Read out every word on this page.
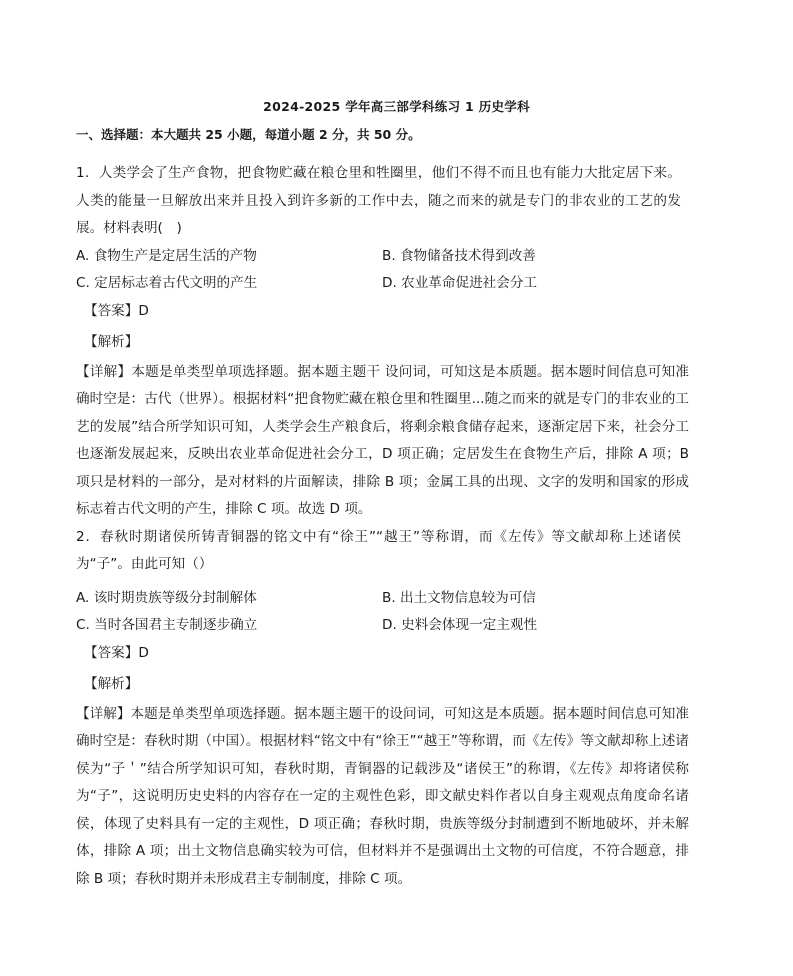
2024-2025 学年高三部学科练习 1 历史学科
一、选择题：本大题共 25 小题，每道小题 2 分，共 50 分。
1．人类学会了生产食物，把食物贮藏在粮仓里和牲圈里，他们不得不而且也有能力大批定居下来。人类的能量一旦解放出来并且投入到许多新的工作中去，随之而来的就是专门的非农业的工艺的发展。材料表明(　)
A. 食物生产是定居生活的产物	B. 食物储备技术得到改善
C. 定居标志着古代文明的产生	D. 农业革命促进社会分工
【答案】D
【解析】
【详解】本题是单类型单项选择题。据本题主题干 设问词，可知这是本质题。据本题时间信息可知准确时空是：古代（世界）。根据材料“把食物贮藏在粮仓里和牲圈里...随之而来的就是专门的非农业的工艺的发展”结合所学知识可知，人类学会生产粮食后，将剩余粮食储存起来，逐渐定居下来，社会分工也逐渐发展起来，反映出农业革命促进社会分工，D 项正确；定居发生在食物生产后，排除 A 项；B 项只是材料的一部分，是对材料的片面解读，排除 B 项；金属工具的出现、文字的发明和国家的形成标志着古代文明的产生，排除 C 项。故选 D 项。
2．春秋时期诸侯所铸青铜器的铭文中有“徐王”“越王”等称谓，而《左传》等文献却称上述诸侯为“子”。由此可知（）
A. 该时期贵族等级分封制解体	B. 出土文物信息较为可信
C. 当时各国君主专制逐步确立	D. 史料会体现一定主观性
【答案】D
【解析】
【详解】本题是单类型单项选择题。据本题主题干的设问词，可知这是本质题。据本题时间信息可知准确时空是：春秋时期（中国）。根据材料“铭文中有“徐王”“越王”等称谓，而《左传》等文献却称上述诸侯为“子＇”结合所学知识可知，春秋时期，青铜器的记载涉及“诸侯王”的称谓，《左传》却将诸侯称为“子”，这说明历史史料的内容存在一定的主观性色彩，即文献史料作者以自身主观观点角度命名诸侯，体现了史料具有一定的主观性，D 项正确；春秋时期，贵族等级分封制遭到不断地破坏，并未解体，排除 A 项；出土文物信息确实较为可信，但材料并不是强调出土文物的可信度，不符合题意，排除 B 项；春秋时期并未形成君主专制制度，排除 C 项。
